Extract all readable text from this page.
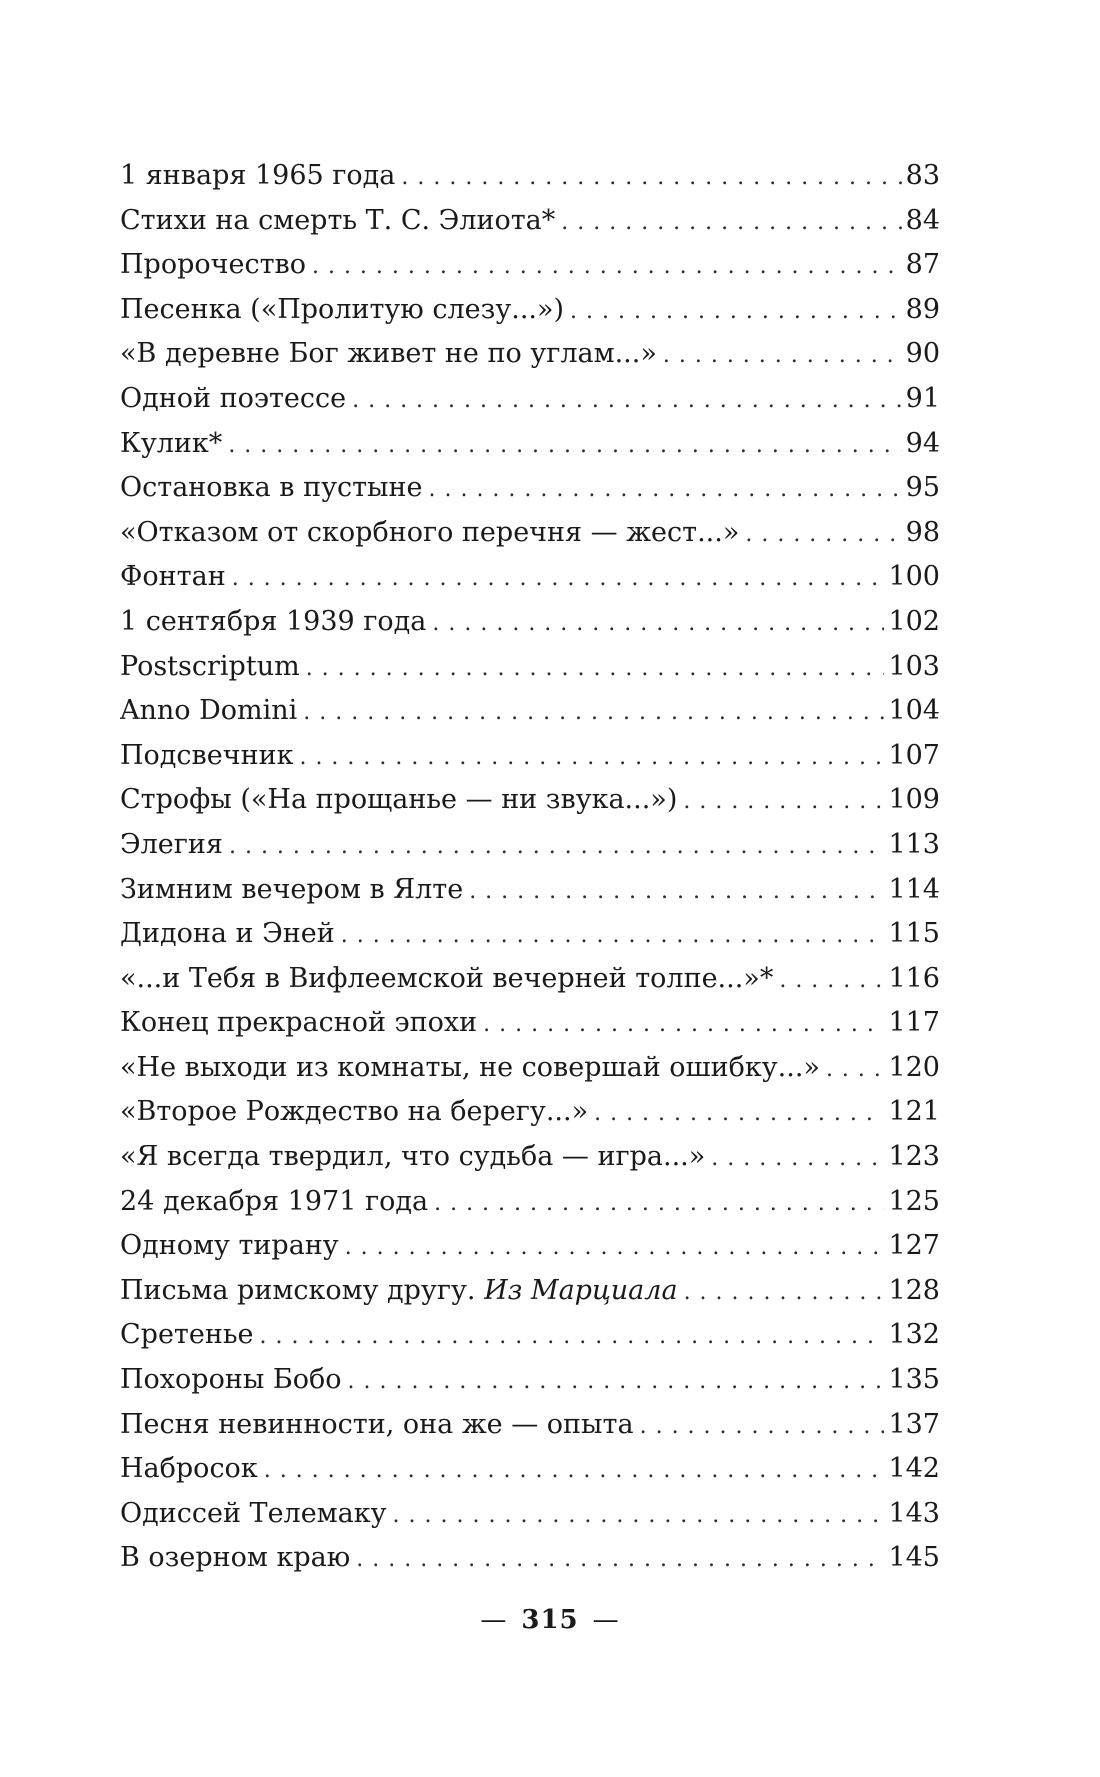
1 января 1965 года . . .	83
Стихи на смерть Т. С. Элиота* . . .	84
Пророчество . . .	87
Песенка («Пролитую слезу...») . . .	89
«В деревне Бог живет не по углам...» . . .	90
Одной поэтессе . . .	91
Кулик* . . .	94
Остановка в пустыне . . .	95
«Отказом от скорбного перечня — жест...» . . .	98
Фонтан . . .	100
1 сентября 1939 года . . .	102
Postscriptum . . .	103
Anno Domini . . .	104
Подсвечник . . .	107
Строфы («На прощанье — ни звука...») . . .	109
Элегия . . .	113
Зимним вечером в Ялте . . .	114
Дидона и Эней . . .	115
«...и Тебя в Вифлеемской вечерней толпе...»* . . .	116
Конец прекрасной эпохи . . .	117
«Не выходи из комнаты, не совершай ошибку...» . . .	120
«Второе Рождество на берегу...» . . .	121
«Я всегда твердил, что судьба — игра...» . . .	123
24 декабря 1971 года . . .	125
Одному тирану . . .	127
Письма римскому другу. Из Марциала . . .	128
Сретенье . . .	132
Похороны Бобо . . .	135
Песня невинности, она же — опыта . . .	137
Набросок . . .	142
Одиссей Телемаку . . .	143
В озерном краю . . .	145
— 315 —
